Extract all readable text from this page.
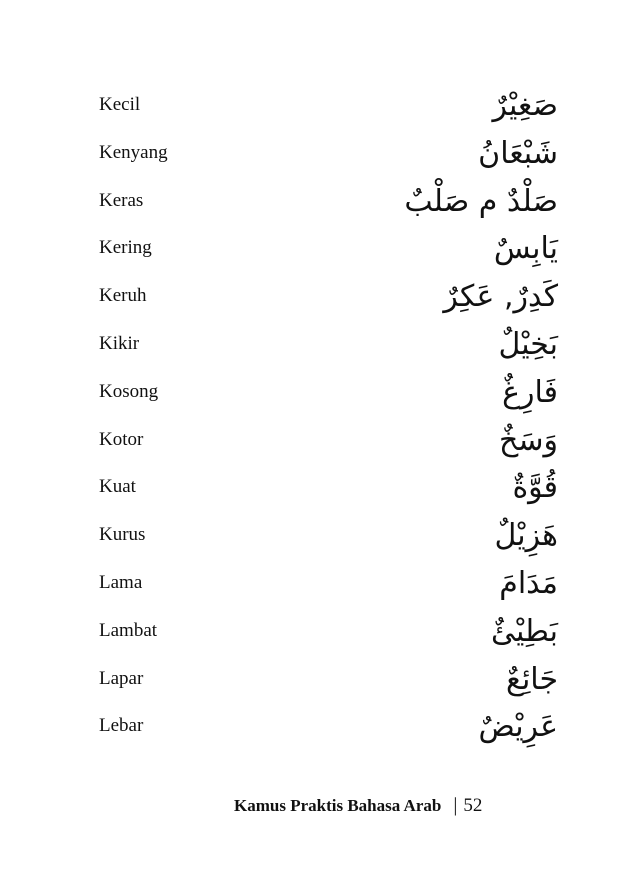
Kecil	صَغِيْرٌ
Kenyang	شَبْعَانُ
Keras	صَلْدٌ م صَلْبٌ
Kering	يَابِسٌ
Keruh	كَدِرٌ, عَكِرٌ
Kikir	بَخِيْلٌ
Kosong	فَارِغٌ
Kotor	وَسَخٌ
Kuat	قُوَّةٌ
Kurus	هَزِيْلٌ
Lama	مَدَامَ
Lambat	بَطِيْئٌ
Lapar	جَائِعٌ
Lebar	عَرِيْضٌ
Kamus Praktis Bahasa Arab | 52
